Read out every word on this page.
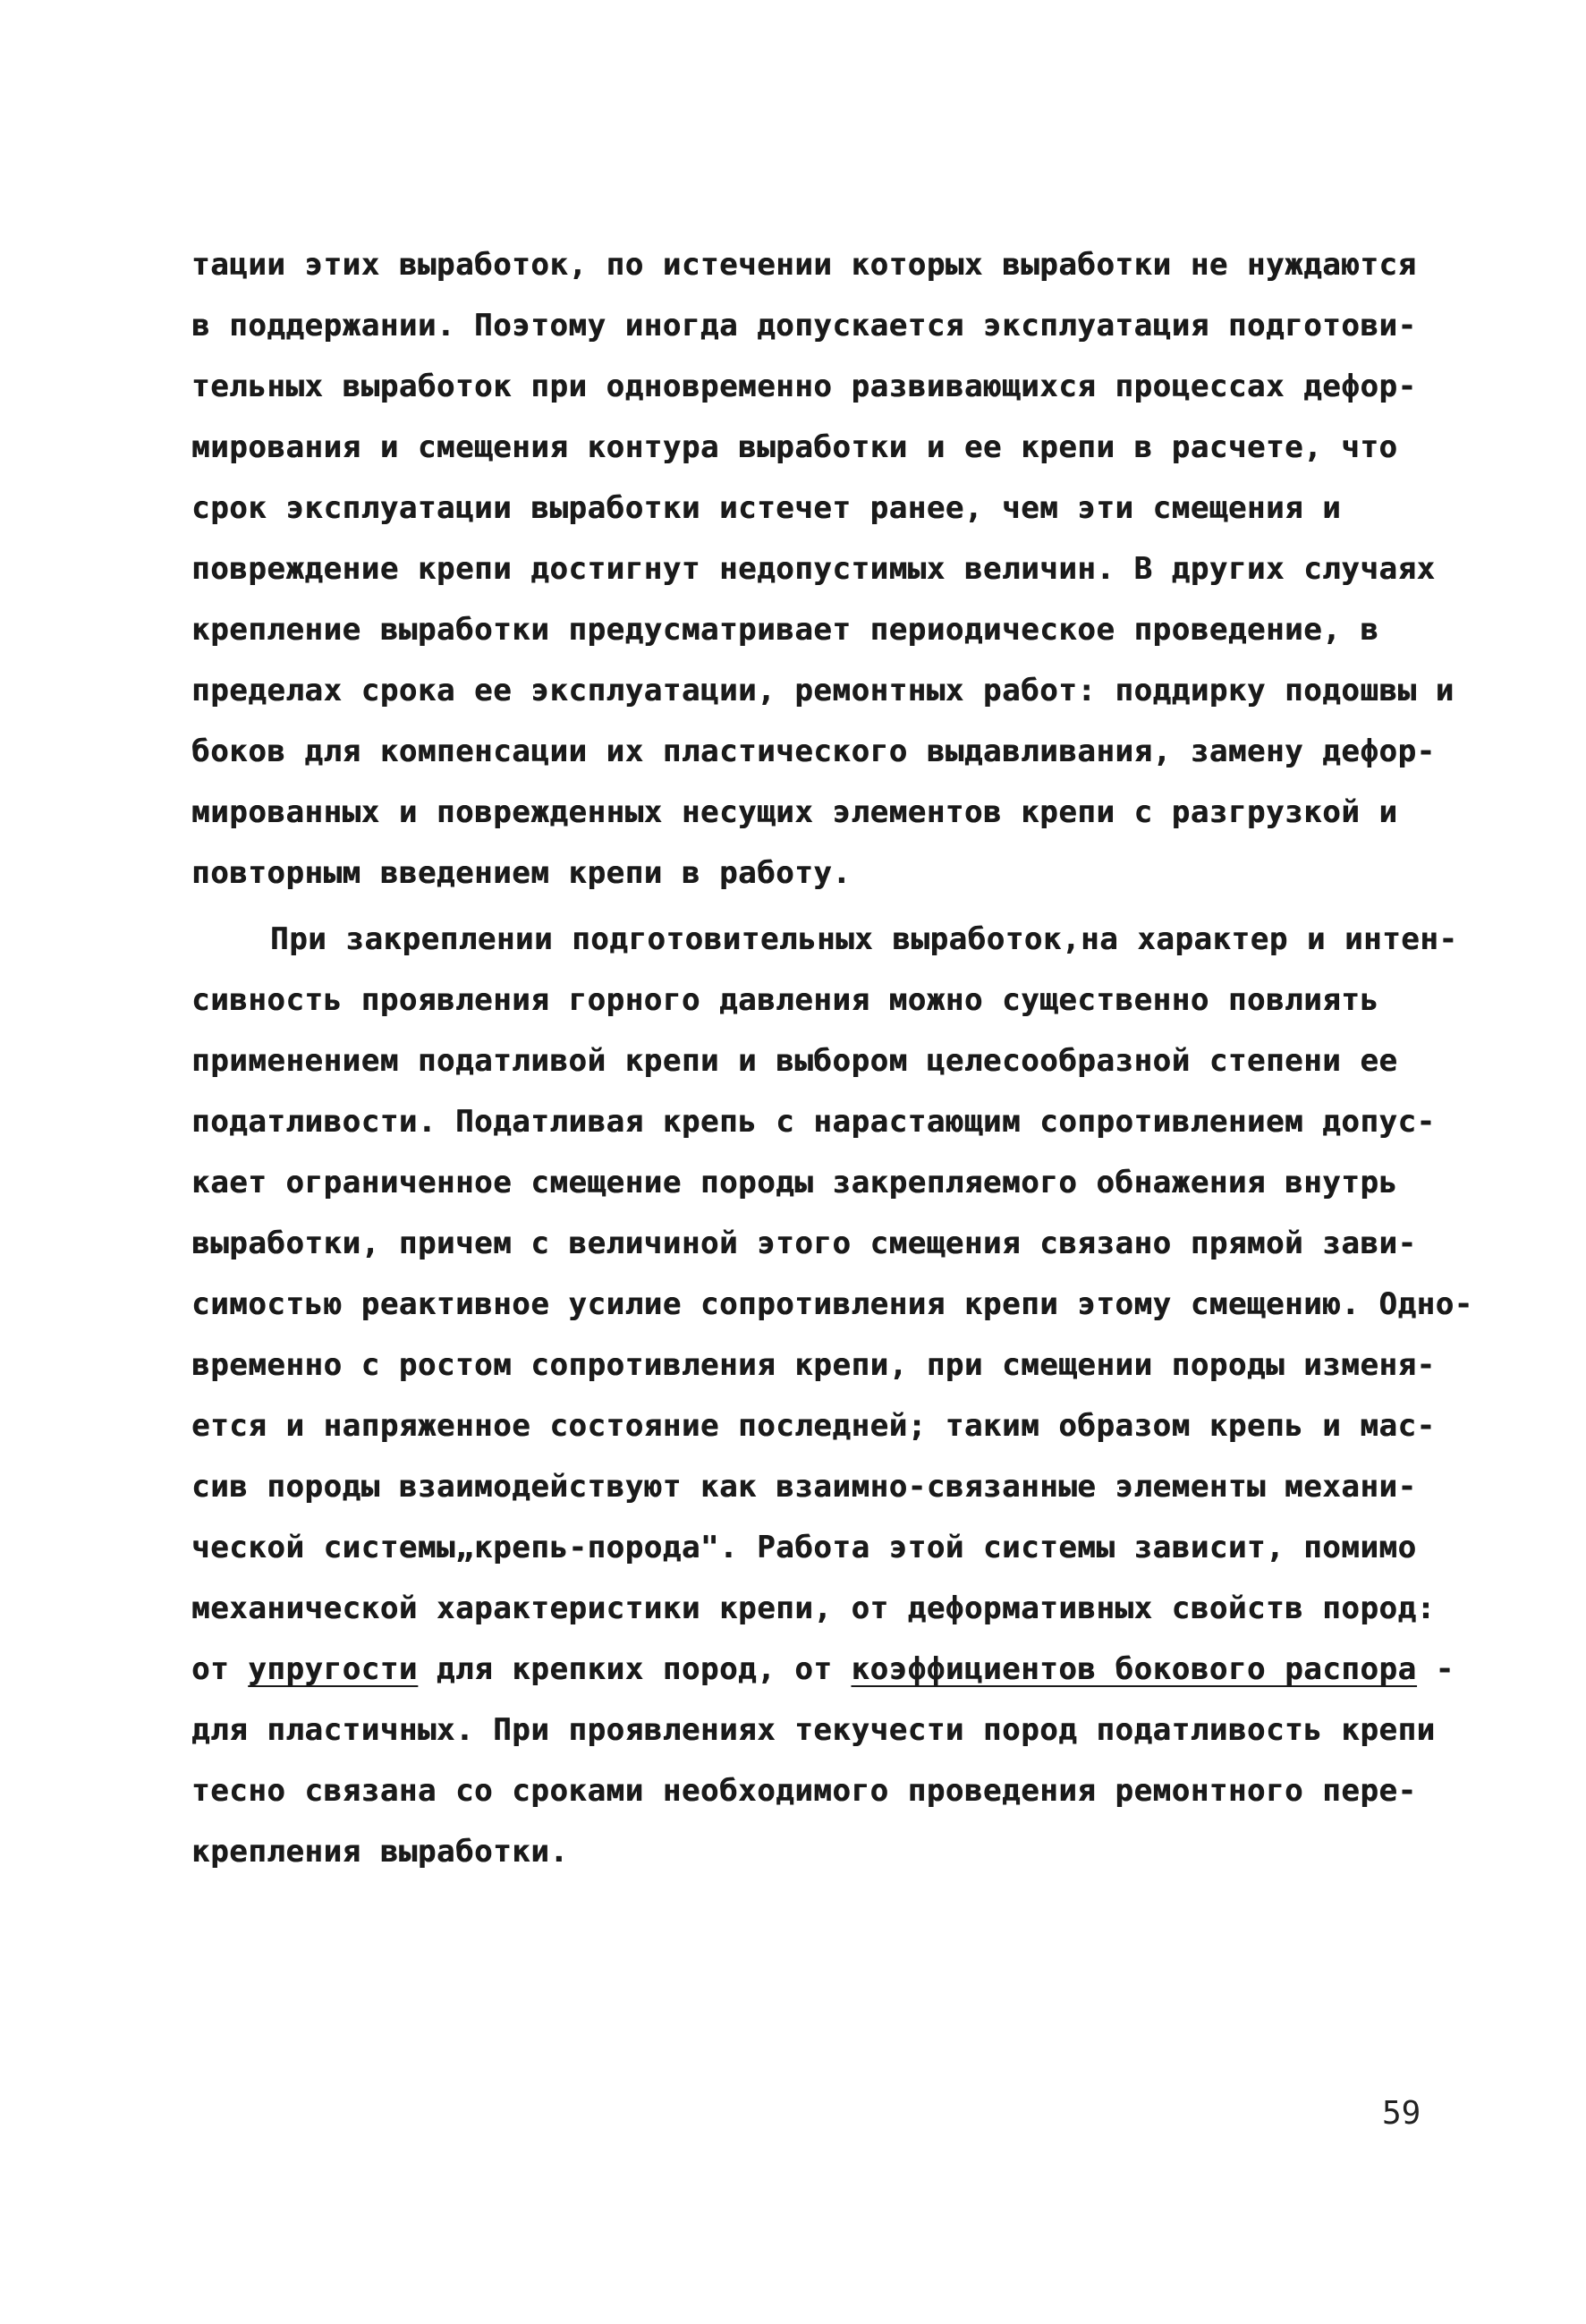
тации этих выработок, по истечении которых выработки не нуждаются
в поддержании. Поэтому иногда допускается эксплуатация подготови-
тельных выработок при одновременно развивающихся процессах дефор-
мирования и смещения контура выработки и ее крепи в расчете, что
срок эксплуатации выработки истечет ранее, чем эти смещения и
повреждение крепи достигнут недопустимых величин. В других случаях
крепление выработки предусматривает периодическое проведение, в
пределах срока ее эксплуатации, ремонтных работ: поддирку подошвы и
боков для компенсации их пластического выдавливания, замену дефор-
мированных и поврежденных несущих элементов крепи с разгрузкой и
повторным введением крепи в работу.
При закреплении подготовительных выработок,на характер и интен-
сивность проявления горного давления можно существенно повлиять
применением податливой крепи и выбором целесообразной степени ее
податливости. Податливая крепь с нарастающим сопротивлением допус-
кает ограниченное смещение породы закрепляемого обнажения внутрь
выработки, причем с величиной этого смещения связано прямой зави-
симостью реактивное усилие сопротивления крепи этому смещению. Одно-
временно с ростом сопротивления крепи, при смещении породы изменя-
ется и напряженное состояние последней; таким образом крепь и мас-
сив породы взаимодействуют как взаимно-связанные элементы механи-
ческой системы„крепь-порода". Работа этой системы зависит, помимо
механической характеристики крепи, от деформативных свойств пород:
от упругости для крепких пород, от коэффициентов бокового распора -
для пластичных. При проявлениях текучести пород податливость крепи
тесно связана со сроками необходимого проведения ремонтного пере-
крепления выработки.
59
